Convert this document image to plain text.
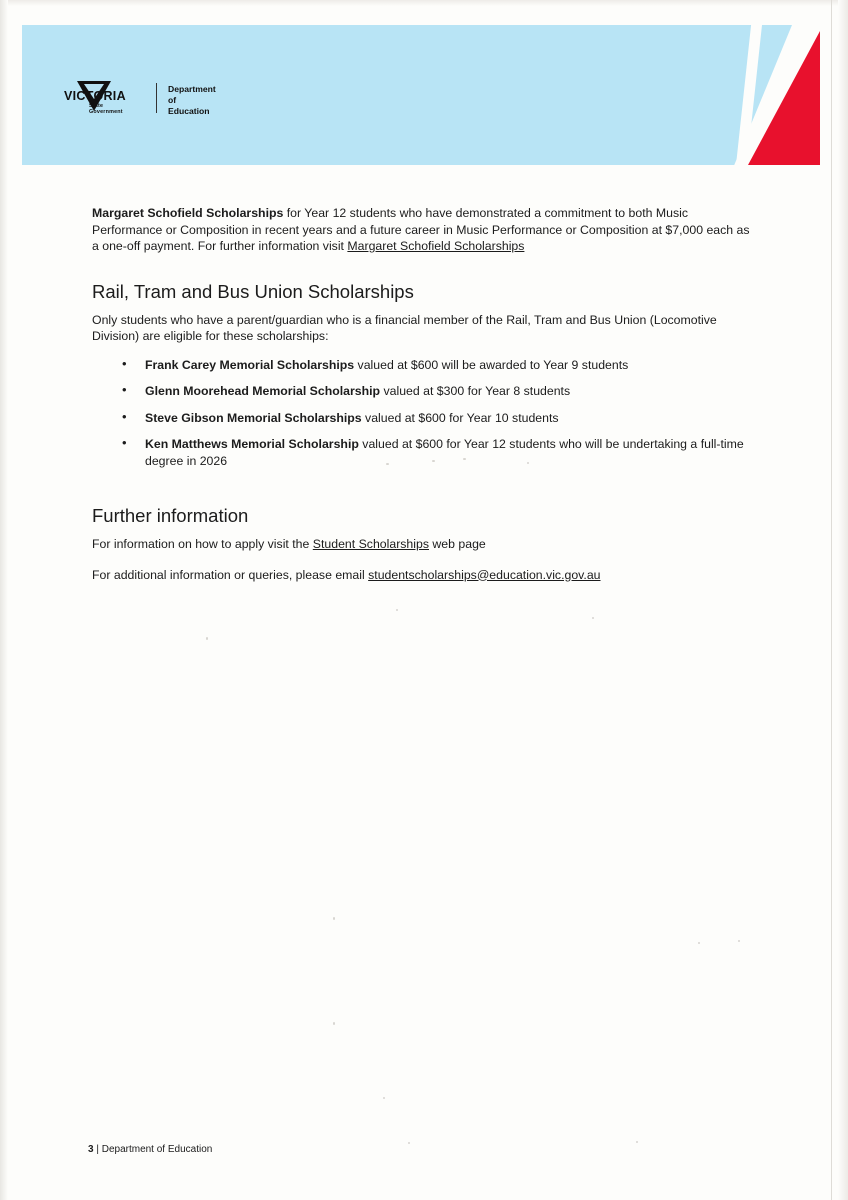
VICTORIA
State
Government
Department
of Education

Margaret Schofield Scholarships for Year 12 students who have demonstrated a commitment to both Music Performance or Composition in recent years and a future career in Music Performance or Composition at $7,000 each as a one-off payment. For further information visit Margaret Schofield Scholarships

Rail, Tram and Bus Union Scholarships

Only students who have a parent/guardian who is a financial member of the Rail, Tram and Bus Union (Locomotive Division) are eligible for these scholarships:

• Frank Carey Memorial Scholarships valued at $600 will be awarded to Year 9 students
• Glenn Moorehead Memorial Scholarship valued at $300 for Year 8 students
• Steve Gibson Memorial Scholarships valued at $600 for Year 10 students
• Ken Matthews Memorial Scholarship valued at $600 for Year 12 students who will be undertaking a full-time degree in 2026
Further information

For information on how to apply visit the Student Scholarships web page

For additional information or queries, please email studentscholarships@education.vic.gov.au

3 | Department of Education
